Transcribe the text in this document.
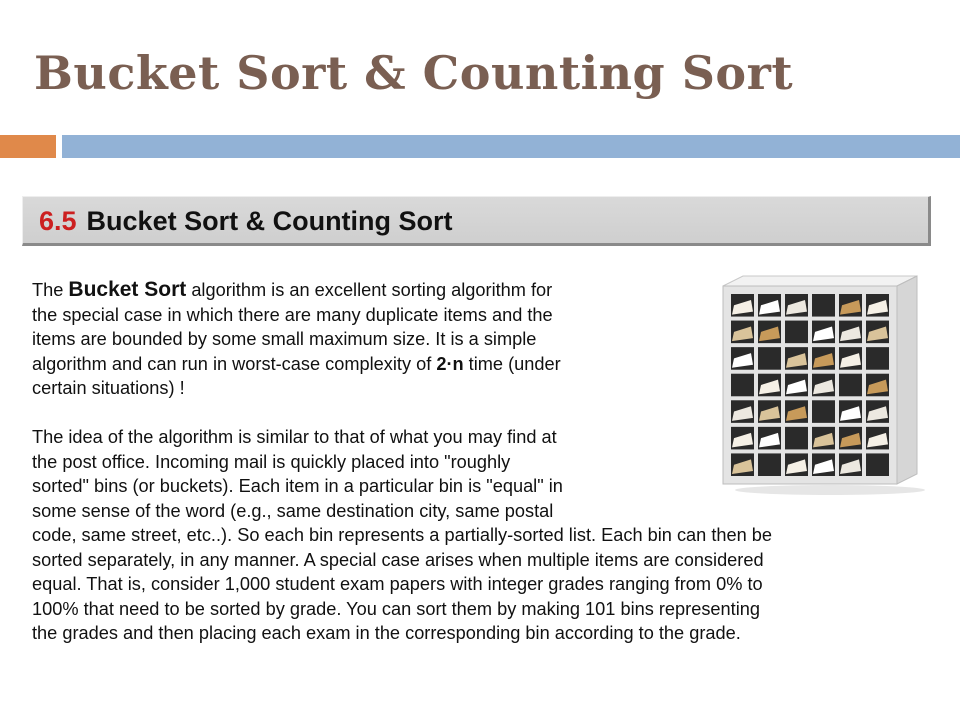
Bucket Sort & Counting Sort
6.5 Bucket Sort & Counting Sort
The Bucket Sort algorithm is an excellent sorting algorithm for
the special case in which there are many duplicate items and the
items are bounded by some small maximum size. It is a simple
algorithm and can run in worst-case complexity of 2·n time (under
certain situations) !
The idea of the algorithm is similar to that of what you may find at
the post office. Incoming mail is quickly placed into "roughly
sorted" bins (or buckets). Each item in a particular bin is "equal" in
some sense of the word (e.g., same destination city, same postal
code, same street, etc..). So each bin represents a partially-sorted list. Each bin can then be
sorted separately, in any manner. A special case arises when multiple items are considered
equal. That is, consider 1,000 student exam papers with integer grades ranging from 0% to
100% that need to be sorted by grade. You can sort them by making 101 bins representing
the grades and then placing each exam in the corresponding bin according to the grade.
